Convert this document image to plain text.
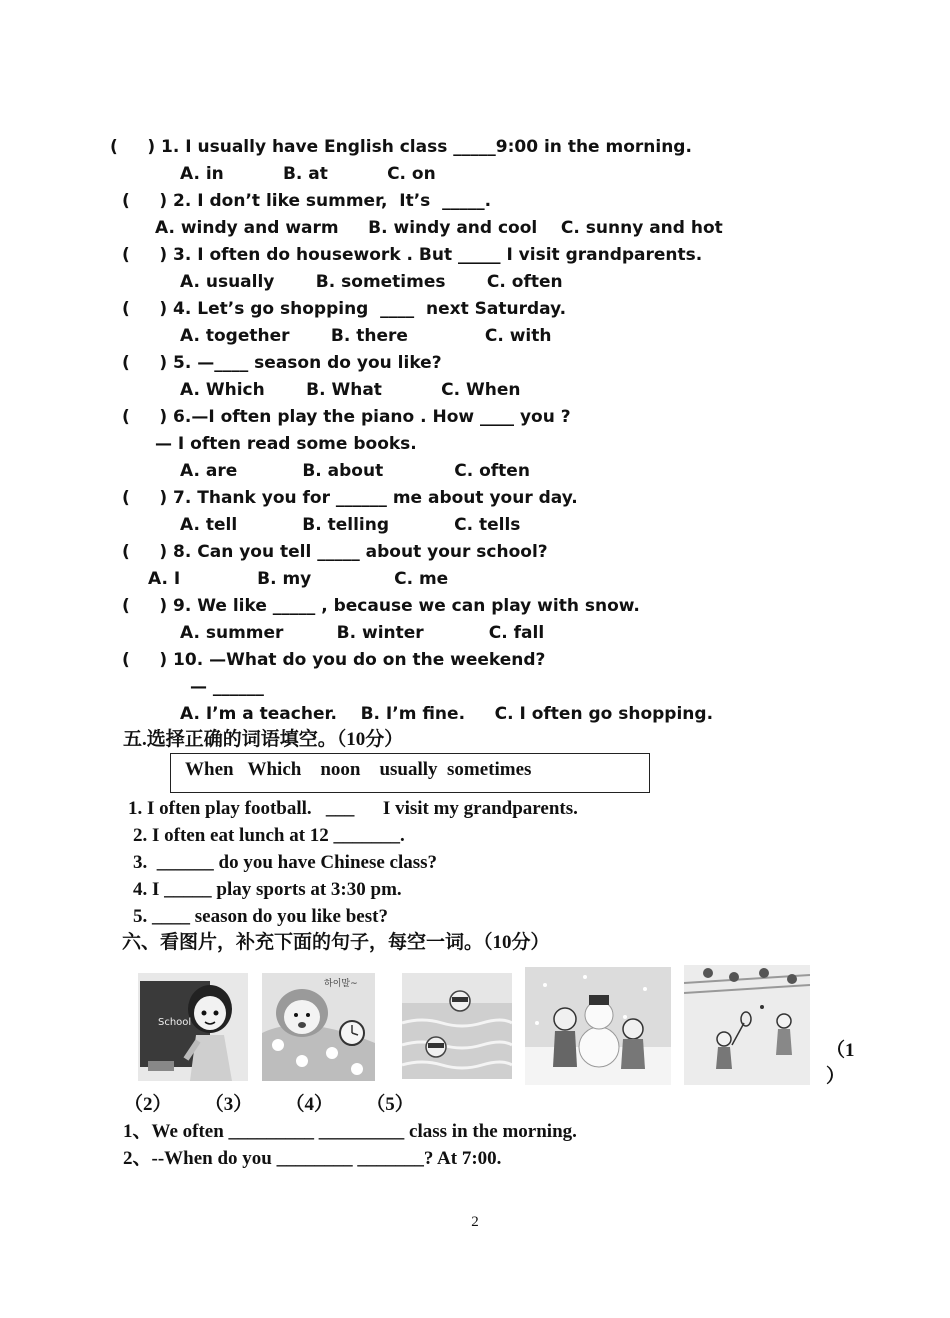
(     ) 1. I usually have English class _____9:00 in the morning.
A. in          B. at          C. on
(     ) 2. I don’t like summer,  It’s  _____.
A. windy and warm     B. windy and cool    C. sunny and hot
(     ) 3. I often do housework . But _____ I visit grandparents.
A. usually       B. sometimes       C. often
(     ) 4. Let’s go shopping  ____  next Saturday.
A. together       B. there             C. with
(     ) 5. —____ season do you like?
A. Which       B. What          C. When
(     ) 6.—I often play the piano . How ____ you ?
— I often read some books.
A. are           B. about            C. often
(     ) 7. Thank you for ______ me about your day.
A. tell           B. telling           C. tells
(     ) 8. Can you tell _____ about your school?
A. I             B. my              C. me
(     ) 9. We like _____ , because we can play with snow.
A. summer         B. winter           C. fall
(     ) 10. —What do you do on the weekend?
— ______
A. I’m a teacher.    B. I’m fine.     C. I often go shopping.
五.选择正确的词语填空。（10分）
When   Which    noon    usually  sometimes
1. I often play football.   ___      I visit my grandparents.
2. I often eat lunch at 12 _______.
3.  ______ do you have Chinese class?
4. I _____ play sports at 3:30 pm.
5. ____ season do you like best?
六、看图片，补充下面的句子，每空一词。（10分）
School
하이말~
（1
）
（2）       （3）       （4）       （5）
1、We often _________ _________ class in the morning.
2、--When do you ________ _______? At 7:00.
2
